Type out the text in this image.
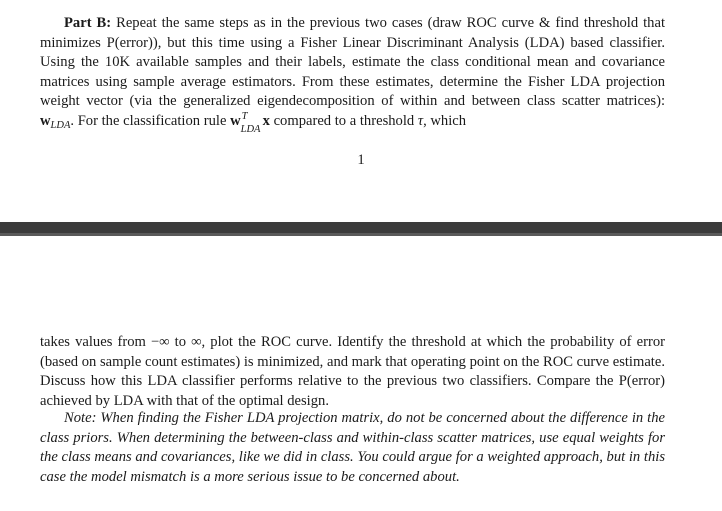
Part B: Repeat the same steps as in the previous two cases (draw ROC curve & find threshold that minimizes P(error)), but this time using a Fisher Linear Discriminant Analysis (LDA) based classifier. Using the 10K available samples and their labels, estimate the class conditional mean and covariance matrices using sample average estimators. From these estimates, determine the Fisher LDA projection weight vector (via the generalized eigendecomposition of within and between class scatter matrices): $w_{LDA}$. For the classification rule w T
LDA
x compared to a threshold τ, which

1

takes values from −∞ to ∞, plot the ROC curve. Identify the threshold at which the probability of error (based on sample count estimates) is minimized, and mark that operating point on the ROC curve estimate. Discuss how this LDA classifier performs relative to the previous two classifiers. Compare the P(error) achieved by LDA with that of the optimal design.

Note: When finding the Fisher LDA projection matrix, do not be concerned about the difference in the class priors. When determining the between-class and within-class scatter matrices, use equal weights for the class means and covariances, like we did in class. You could argue for a weighted approach, but in this case the model mismatch is a more serious issue to be concerned about.
